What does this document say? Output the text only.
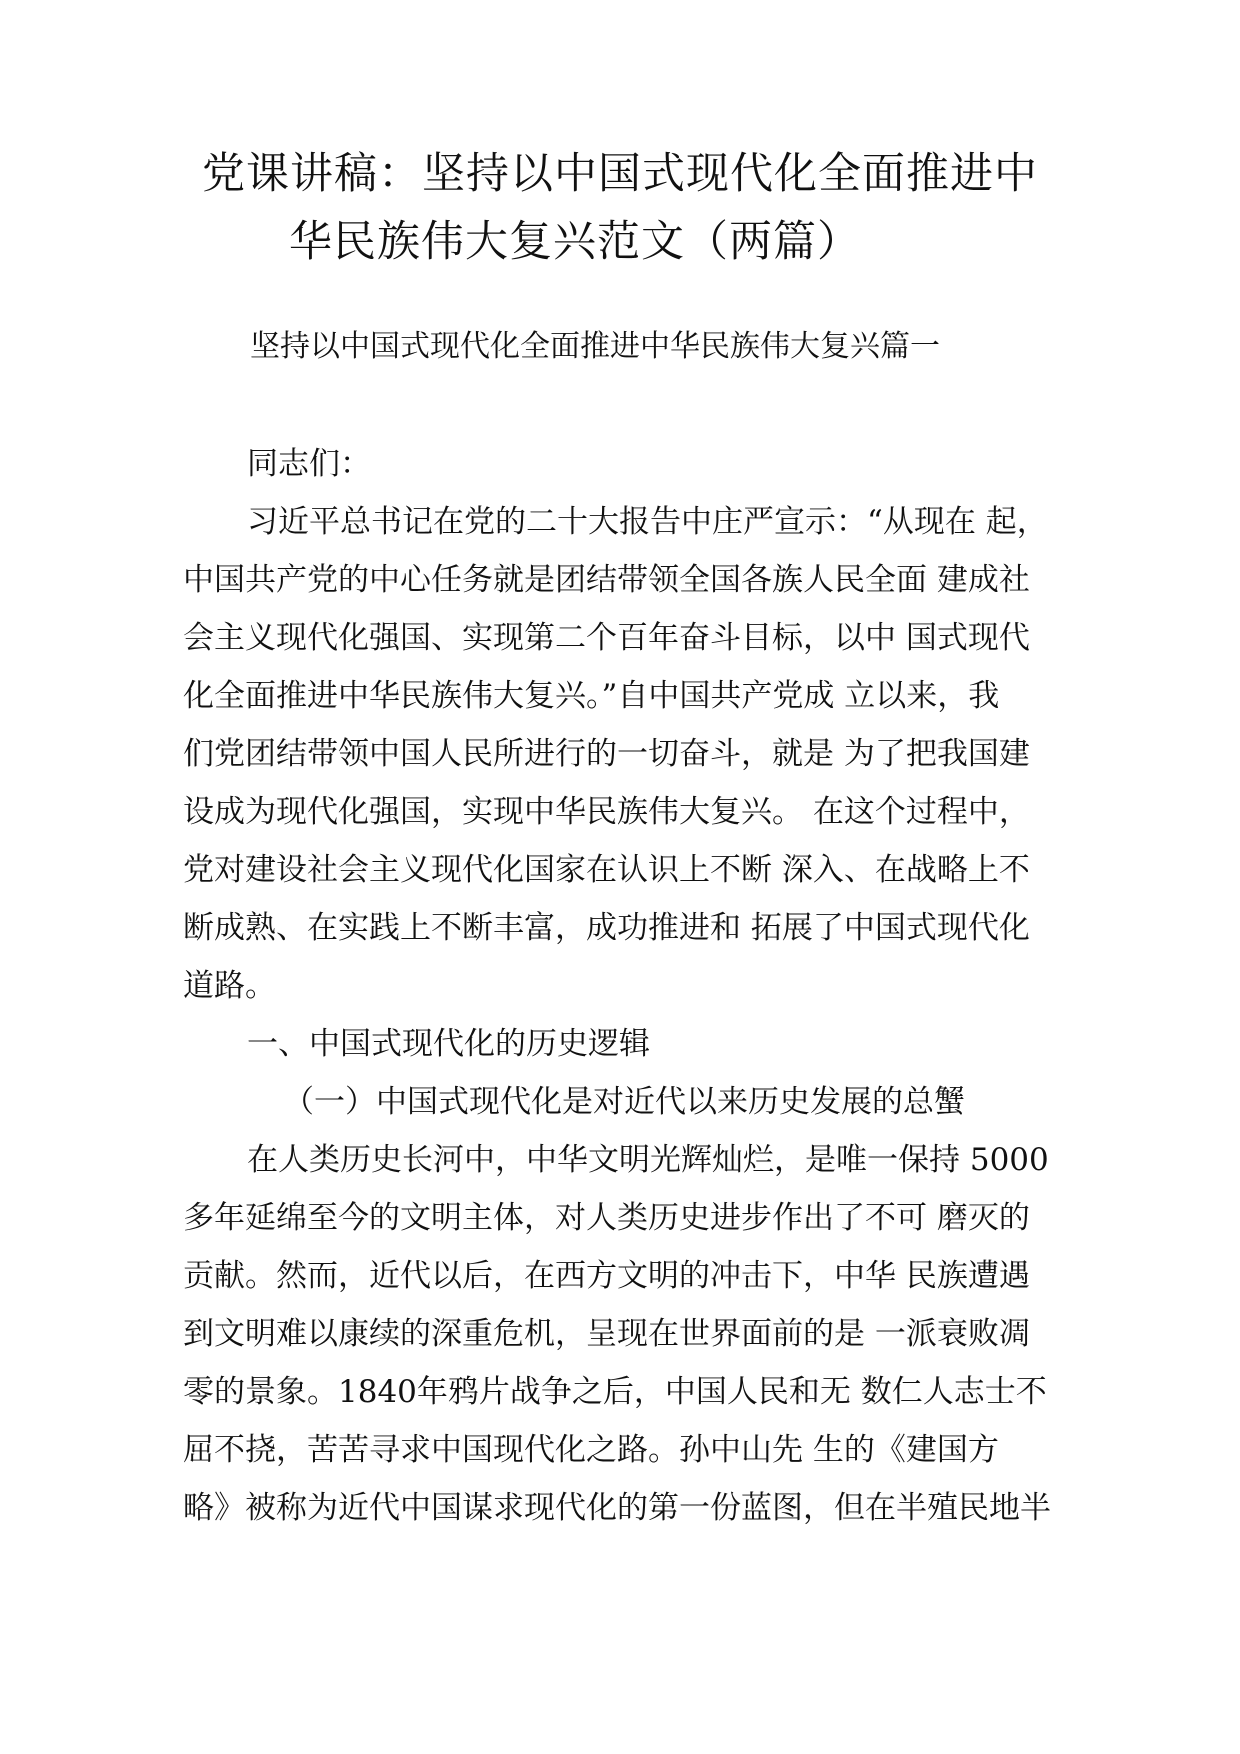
党课讲稿：坚持以中国式现代化全面推进中
华民族伟大复兴范文（两篇）
坚持以中国式现代化全面推进中华民族伟大复兴篇一

同志们：

习近平总书记在党的二十大报告中庄严宣示：“从现在 起，

中国共产党的中心任务就是团结带领全国各族人民全面 建成社

会主义现代化强国、实现第二个百年奋斗目标，以中 国式现代

化全面推进中华民族伟大复兴。”自中国共产党成 立以来，我

们党团结带领中国人民所进行的一切奋斗，就是 为了把我国建

设成为现代化强国，实现中华民族伟大复兴。 在这个过程中，

党对建设社会主义现代化国家在认识上不断 深入、在战略上不

断成熟、在实践上不断丰富，成功推进和 拓展了中国式现代化

道路。

一、中国式现代化的历史逻辑

（一）中国式现代化是对近代以来历史发展的总蟹

在人类历史长河中，中华文明光辉灿烂，是唯一保持 5000

多年延绵至今的文明主体，对人类历史进步作出了不可 磨灭的

贡献。然而，近代以后，在西方文明的冲击下，中华 民族遭遇

到文明难以康续的深重危机，呈现在世界面前的是 一派衰败凋

零的景象。1840年鸦片战争之后，中国人民和无 数仁人志士不

屈不挠，苦苦寻求中国现代化之路。孙中山先 生的《建国方

略》被称为近代中国谋求现代化的第一份蓝图，但在半殖民地半
